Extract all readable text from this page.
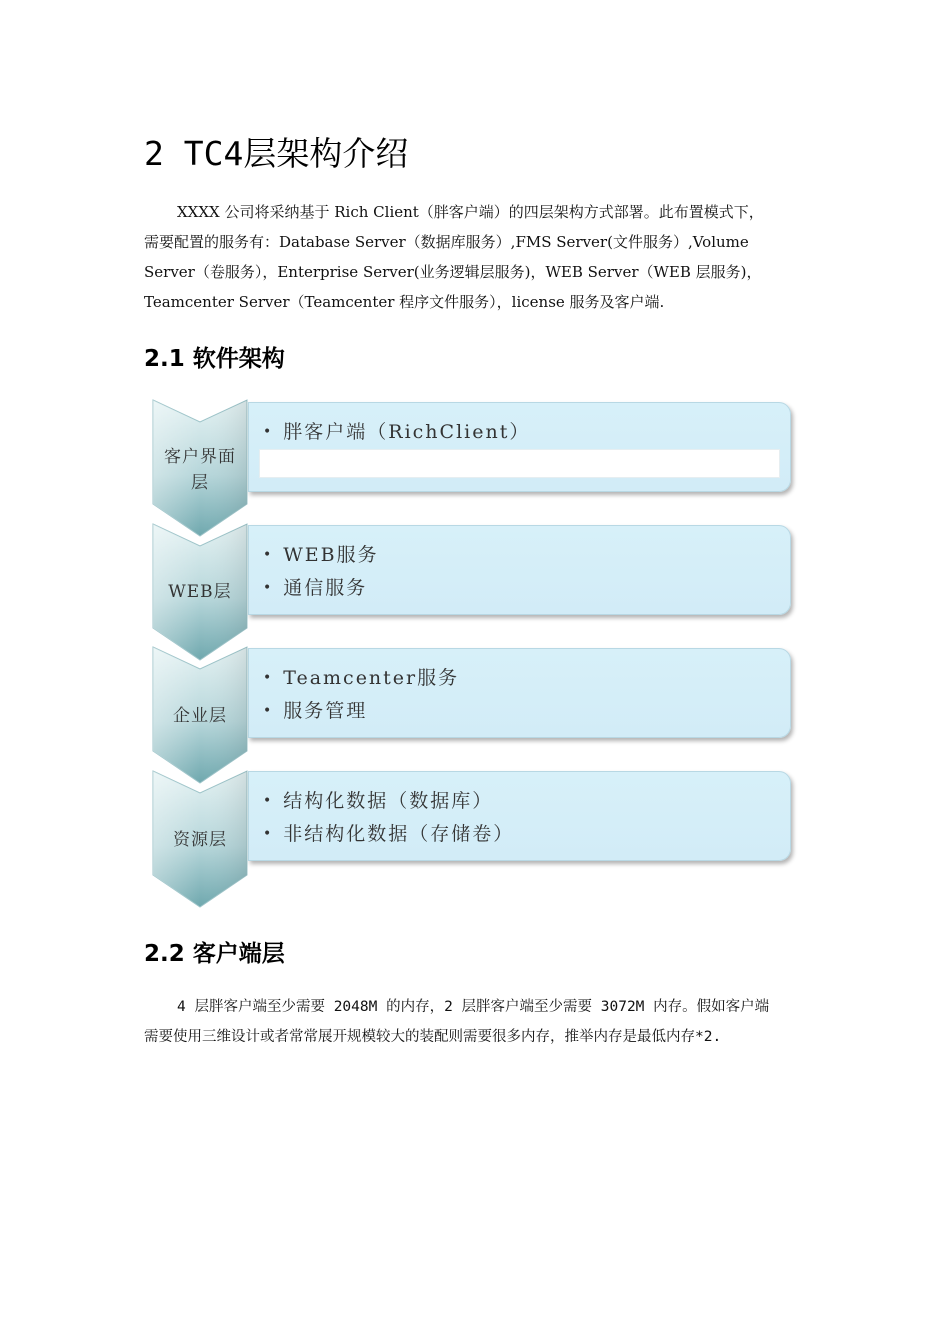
2 TC4层架构介绍
XXXX 公司将采纳基于 Rich Client（胖客户端）的四层架构方式部署。此布置模式下，
需要配置的服务有：Database Server（数据库服务）,FMS Server(文件服务）,Volume
Server（卷服务），Enterprise Server(业务逻辑层服务)，WEB Server（WEB 层服务)，
Teamcenter Server（Teamcenter 程序文件服务），license 服务及客户端.
2.1 软件架构
• 胖客户端（RichClient）
客户界面
层
• WEB服务
• 通信服务
WEB层
• Teamcenter服务
• 服务管理
企业层
• 结构化数据（数据库）
• 非结构化数据（存储卷）
资源层
2.2 客户端层
4 层胖客户端至少需要 2048M 的内存，2 层胖客户端至少需要 3072M 内存。假如客户端
需要使用三维设计或者常常展开规模较大的装配则需要很多内存，推举内存是最低内存*2.
